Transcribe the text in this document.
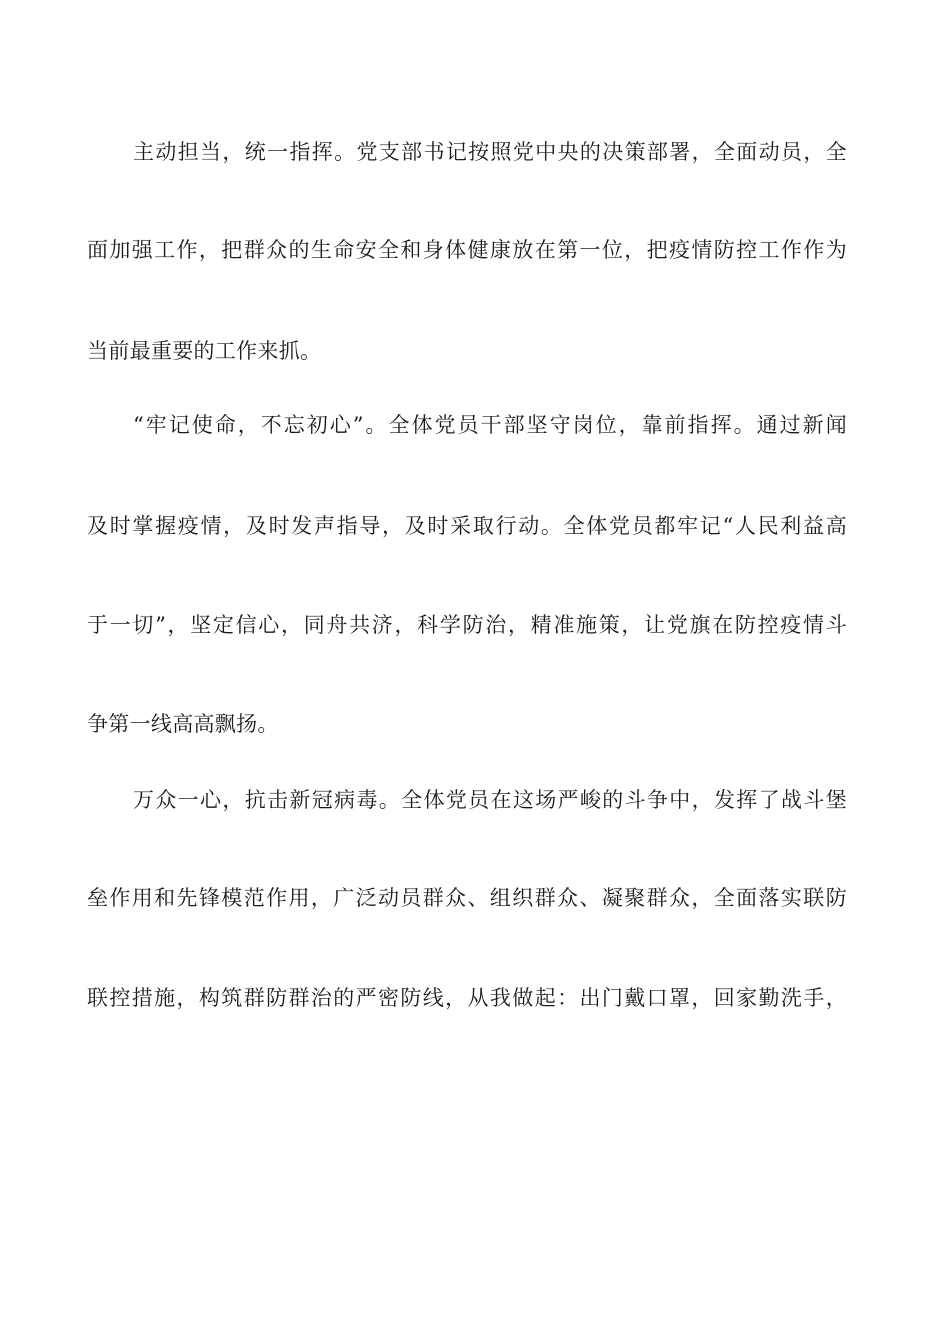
主动担当，统一指挥。党支部书记按照党中央的决策部署，全面动员，全
面加强工作，把群众的生命安全和身体健康放在第一位，把疫情防控工作作为
当前最重要的工作来抓。
“牢记使命，不忘初心”。全体党员干部坚守岗位，靠前指挥。通过新闻
及时掌握疫情，及时发声指导，及时采取行动。全体党员都牢记“人民利益高
于一切”，坚定信心，同舟共济，科学防治，精准施策，让党旗在防控疫情斗
争第一线高高飘扬。
万众一心，抗击新冠病毒。全体党员在这场严峻的斗争中，发挥了战斗堡
垒作用和先锋模范作用，广泛动员群众、组织群众、凝聚群众，全面落实联防
联控措施，构筑群防群治的严密防线，从我做起：出门戴口罩，回家勤洗手，
